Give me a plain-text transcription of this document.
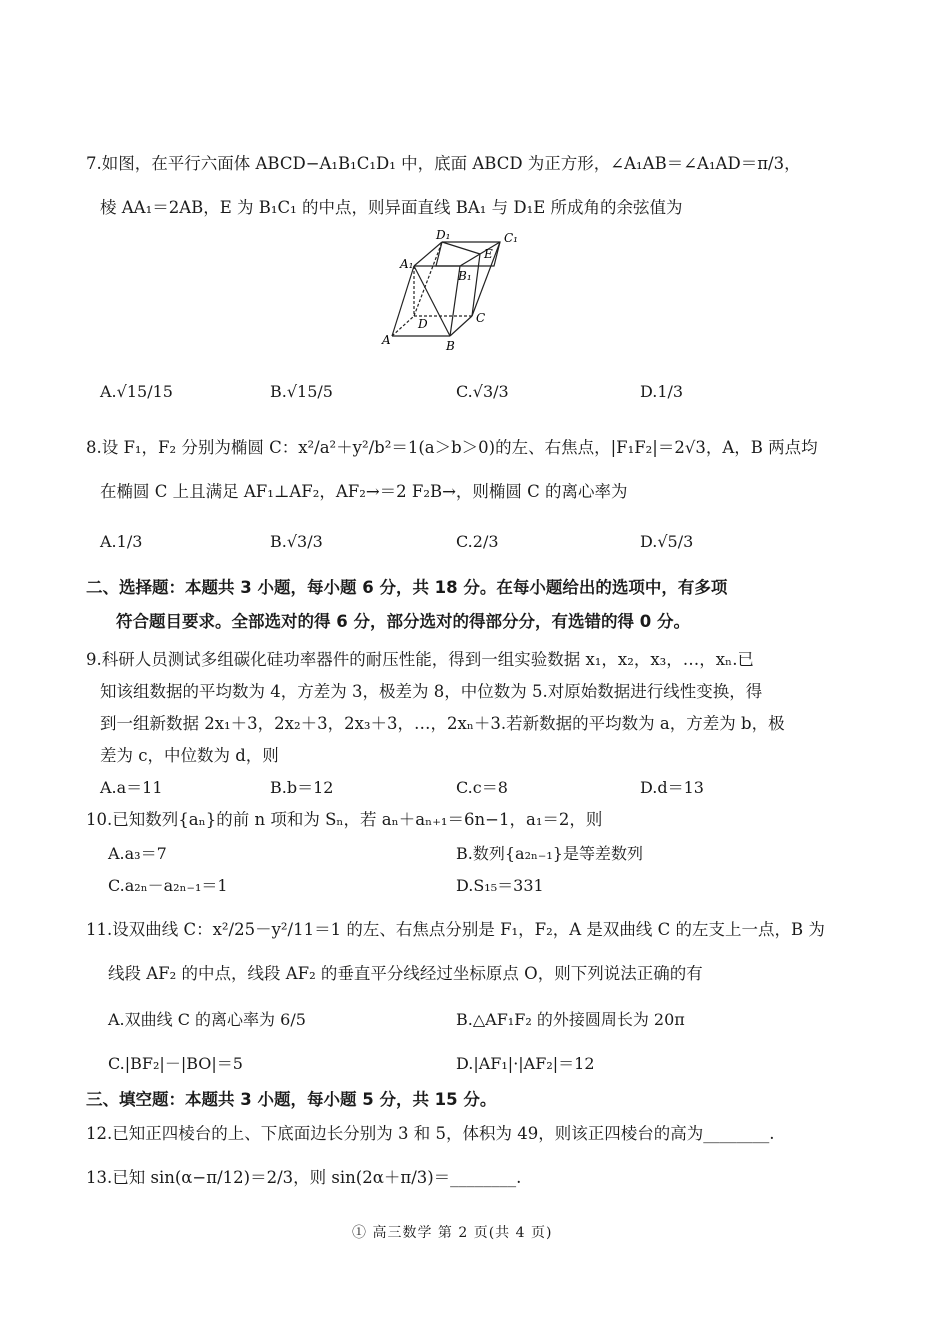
7.如图，在平行六面体 ABCD−A₁B₁C₁D₁ 中，底面 ABCD 为正方形，∠A₁AB＝∠A₁AD＝π/3，
棱 AA₁＝2AB，E 为 B₁C₁ 的中点，则异面直线 BA₁ 与 D₁E 所成角的余弦值为
D₁	C₁
A₁
E
B₁
D	C
A	B
A.√15/15	B.√15/5	C.√3/3	D.1/3
8.设 F₁，F₂ 分别为椭圆 C：x²/a²＋y²/b²＝1(a＞b＞0)的左、右焦点，|F₁F₂|＝2√3，A，B 两点均
在椭圆 C 上且满足 AF₁⊥AF₂，AF₂→＝2 F₂B→，则椭圆 C 的离心率为
A.1/3	B.√3/3	C.2/3	D.√5/3
二、选择题：本题共 3 小题，每小题 6 分，共 18 分。在每小题给出的选项中，有多项
符合题目要求。全部选对的得 6 分，部分选对的得部分分，有选错的得 0 分。
9.科研人员测试多组碳化硅功率器件的耐压性能，得到一组实验数据 x₁，x₂，x₃，…，xₙ.已
知该组数据的平均数为 4，方差为 3，极差为 8，中位数为 5.对原始数据进行线性变换，得
到一组新数据 2x₁＋3，2x₂＋3，2x₃＋3，…，2xₙ＋3.若新数据的平均数为 a，方差为 b，极
差为 c，中位数为 d，则
A.a＝11	B.b＝12	C.c＝8	D.d＝13
10.已知数列{aₙ}的前 n 项和为 Sₙ，若 aₙ＋aₙ₊₁＝6n−1，a₁＝2，则
A.a₃＝7	B.数列{a₂ₙ₋₁}是等差数列
C.a₂ₙ－a₂ₙ₋₁＝1	D.S₁₅＝331
11.设双曲线 C：x²/25－y²/11＝1 的左、右焦点分别是 F₁，F₂，A 是双曲线 C 的左支上一点，B 为
线段 AF₂ 的中点，线段 AF₂ 的垂直平分线经过坐标原点 O，则下列说法正确的有
A.双曲线 C 的离心率为 6/5	B.△AF₁F₂ 的外接圆周长为 20π
C.|BF₂|－|BO|＝5	D.|AF₁|·|AF₂|＝12
三、填空题：本题共 3 小题，每小题 5 分，共 15 分。
12.已知正四棱台的上、下底面边长分别为 3 和 5，体积为 49，则该正四棱台的高为________.
13.已知 sin(α−π/12)＝2/3，则 sin(2α＋π/3)＝________.
① 高三数学 第 2 页(共 4 页)
